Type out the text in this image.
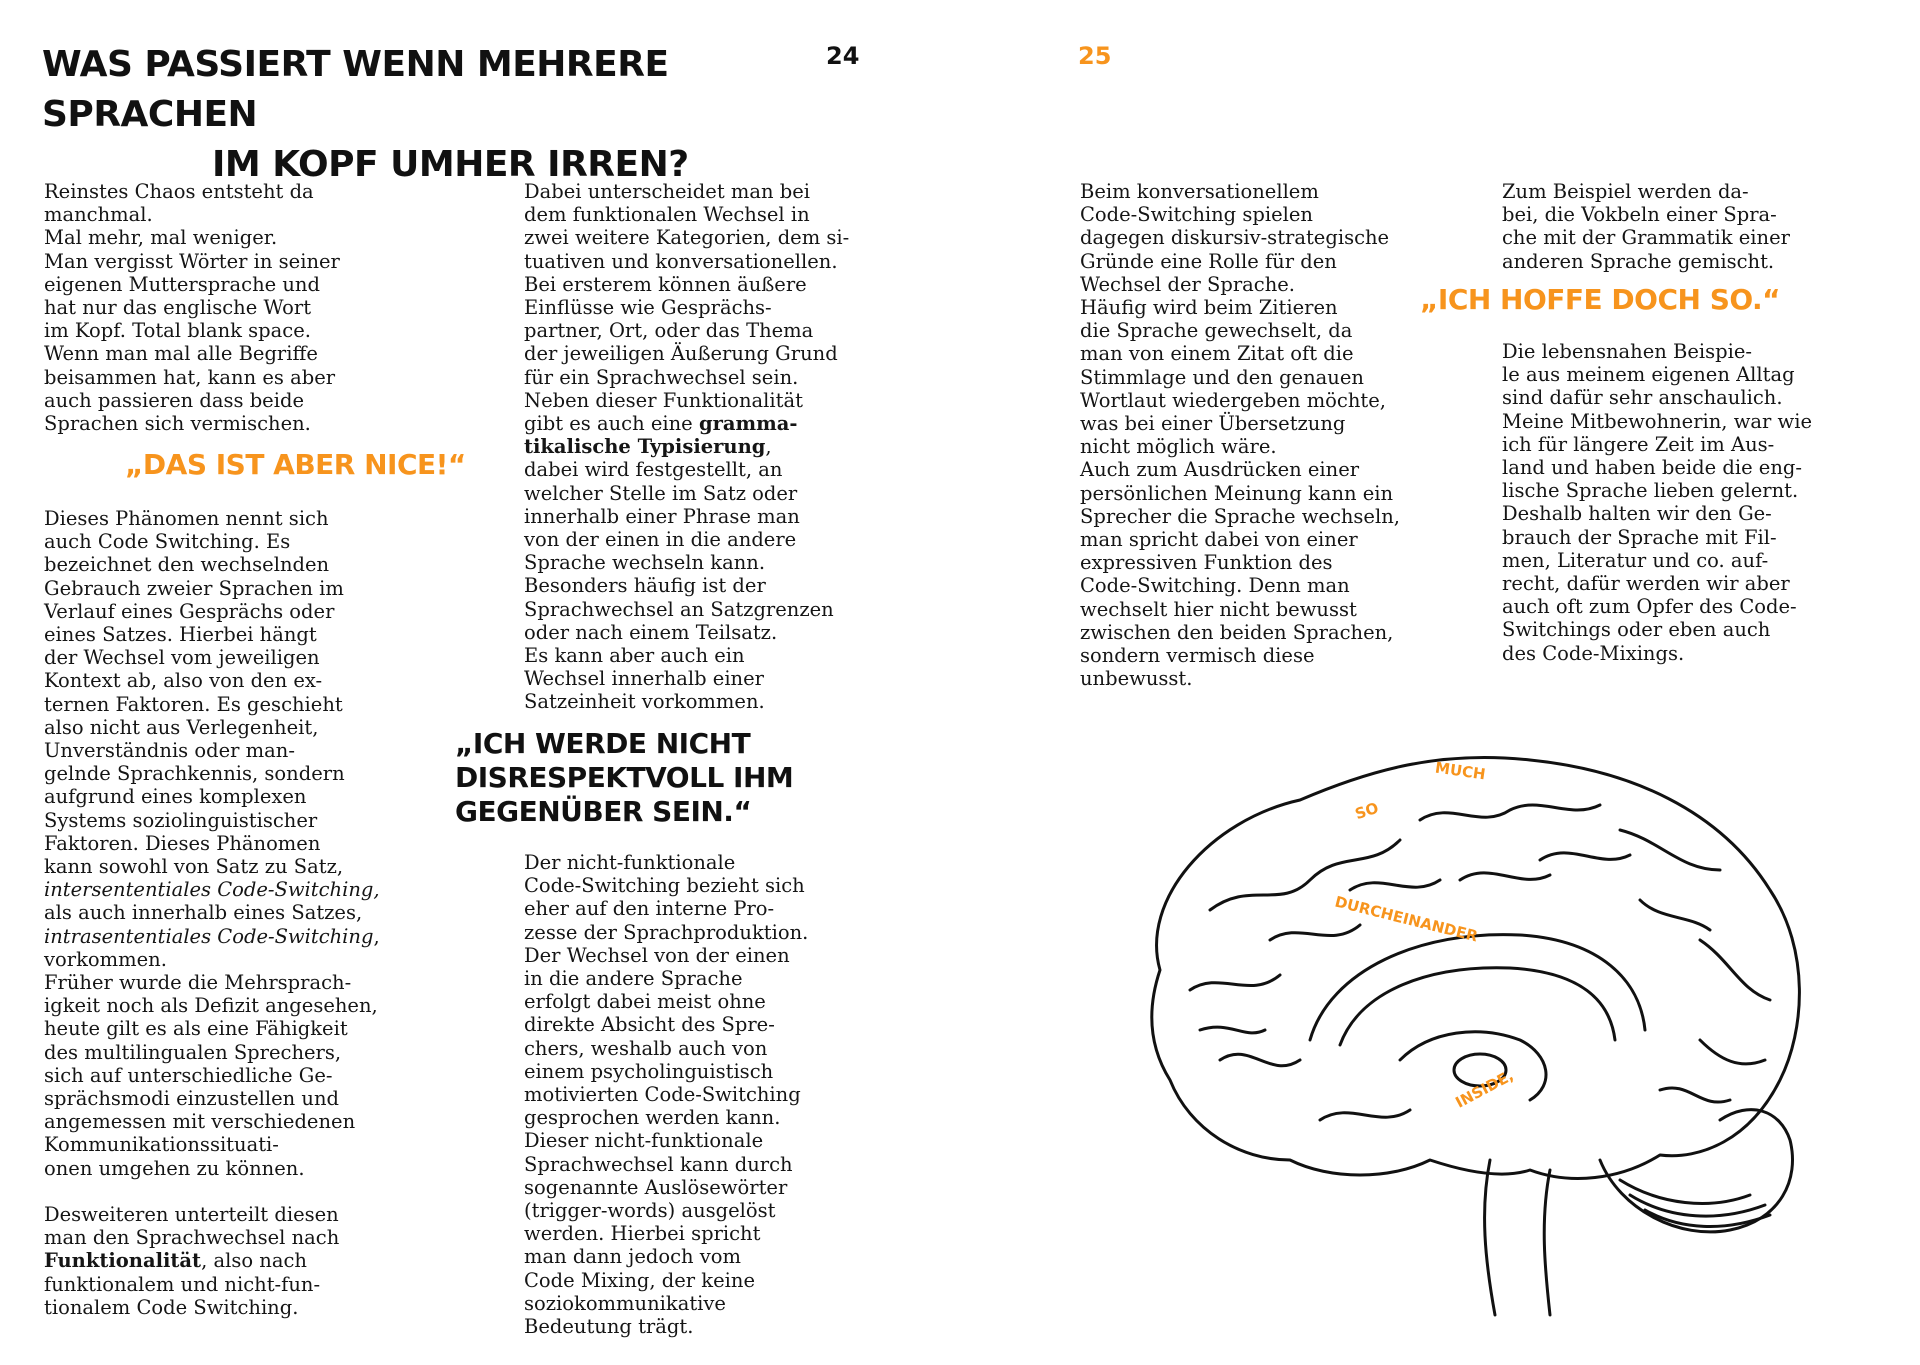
WAS PASSIERT WENN MEHRERE SPRACHEN
IM KOPF UMHER IRREN?
24	25

Reinstes Chaos entsteht da
manchmal.
Mal mehr, mal weniger.
Man vergisst Wörter in seiner
eigenen Muttersprache und
hat nur das englische Wort
im Kopf. Total blank space.
Wenn man mal alle Begriffe
beisammen hat, kann es aber
auch passieren dass beide
Sprachen sich vermischen.

„DAS IST ABER NICE!“

Dieses Phänomen nennt sich
auch Code Switching. Es
bezeichnet den wechselnden
Gebrauch zweier Sprachen im
Verlauf eines Gesprächs oder
eines Satzes. Hierbei hängt
der Wechsel vom jeweiligen
Kontext ab, also von den ex-
ternen Faktoren. Es geschieht
also nicht aus Verlegenheit,
Unverständnis oder man-
gelnde Sprachkennis, sondern
aufgrund eines komplexen
Systems soziolinguistischer
Faktoren. Dieses Phänomen
kann sowohl von Satz zu Satz,
intersententiales Code-Switching,
als auch innerhalb eines Satzes,
intrasententiales Code-Switching,
vorkommen.
Früher wurde die Mehrsprach-
igkeit noch als Defizit angesehen,
heute gilt es als eine Fähigkeit
des multilingualen Sprechers,
sich auf unterschiedliche Ge-
sprächsmodi einzustellen und
angemessen mit verschiedenen
Kommunikationssituati-
onen umgehen zu können.

Desweiteren unterteilt diesen
man den Sprachwechsel nach
Funktionalität, also nach
funktionalem und nicht-fun-
tionalem Code Switching.

Dabei unterscheidet man bei
dem funktionalen Wechsel in
zwei weitere Kategorien, dem si-
tuativen und konversationellen.
Bei ersterem können äußere
Einflüsse wie Gesprächs-
partner, Ort, oder das Thema
der jeweiligen Äußerung Grund
für ein Sprachwechsel sein.
Neben dieser Funktionalität
gibt es auch eine gramma-
tikalische Typisierung,
dabei wird festgestellt, an
welcher Stelle im Satz oder
innerhalb einer Phrase man
von der einen in die andere
Sprache wechseln kann.
Besonders häufig ist der
Sprachwechsel an Satzgrenzen
oder nach einem Teilsatz.
Es kann aber auch ein
Wechsel innerhalb einer
Satzeinheit vorkommen.

„ICH WERDE NICHT
DISRESPEKTVOLL IHM
GEGENÜBER SEIN.“

Der nicht-funktionale
Code-Switching bezieht sich
eher auf den interne Pro-
zesse der Sprachproduktion.
Der Wechsel von der einen
in die andere Sprache
erfolgt dabei meist ohne
direkte Absicht des Spre-
chers, weshalb auch von
einem psycholinguistisch
motivierten Code-Switching
gesprochen werden kann.
Dieser nicht-funktionale
Sprachwechsel kann durch
sogenannte Auslösewörter
(trigger-words) ausgelöst
werden. Hierbei spricht
man dann jedoch vom
Code Mixing, der keine
soziokommunikative
Bedeutung trägt.

Beim konversationellem
Code-Switching spielen
dagegen diskursiv-strategische
Gründe eine Rolle für den
Wechsel der Sprache.
Häufig wird beim Zitieren
die Sprache gewechselt, da
man von einem Zitat oft die
Stimmlage und den genauen
Wortlaut wiedergeben möchte,
was bei einer Übersetzung
nicht möglich wäre.
Auch zum Ausdrücken einer
persönlichen Meinung kann ein
Sprecher die Sprache wechseln,
man spricht dabei von einer
expressiven Funktion des
Code-Switching. Denn man
wechselt hier nicht bewusst
zwischen den beiden Sprachen,
sondern vermisch diese unbewusst.

Zum Beispiel werden da-
bei, die Vokbeln einer Spra-
che mit der Grammatik einer
anderen Sprache gemischt.

„ICH HOFFE DOCH SO.“

Die lebensnahen Beispie-
le aus meinem eigenen Alltag
sind dafür sehr anschaulich.
Meine Mitbewohnerin, war wie
ich für längere Zeit im Aus-
land und haben beide die eng-
lische Sprache lieben gelernt.
Deshalb halten wir den Ge-
brauch der Sprache mit Fil-
men, Literatur und co. auf-
recht, dafür werden wir aber
auch oft zum Opfer des Code-
Switchings oder eben auch
des Code-Mixings.

SO
MUCH
DURCHEINANDER
INSIDE,
